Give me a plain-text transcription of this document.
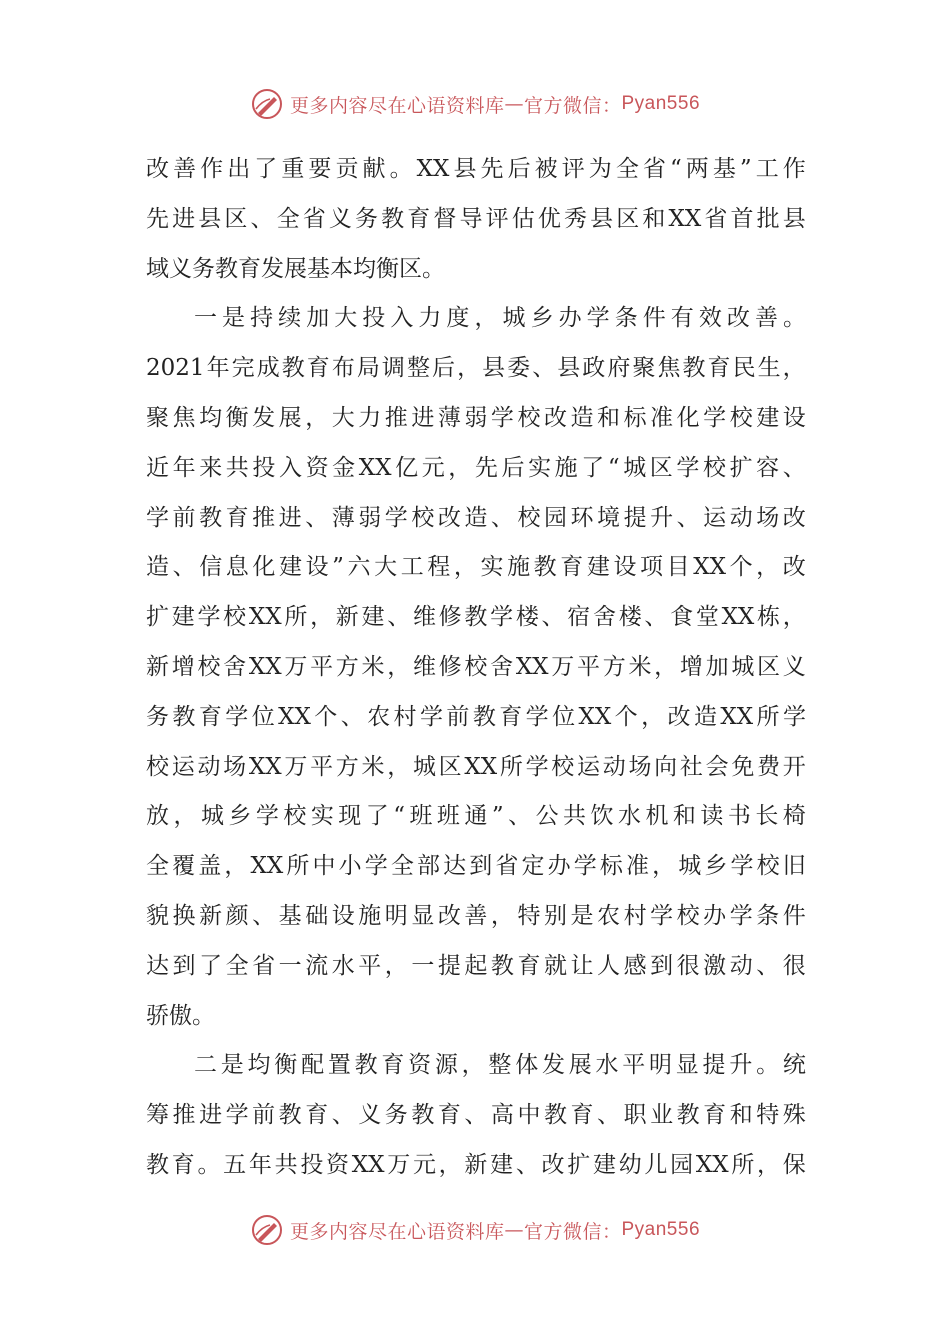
更多内容尽在心语资料库 — 官方微信： Pyan556
改 善 作 出 了 重 要 贡 献 。 XX 县 先 后 被 评 为 全 省 “ 两 基 ” 工 作
先 进 县 区 、 全 省 义 务 教 育 督 导 评 估 优 秀 县 区 和 XX 省 首 批 县
域义务教育发展基本均衡区。
一 是 持 续 加 大 投 入 力 度 ， 城 乡 办 学 条 件 有 效 改 善 。
2021 年 完 成 教 育 布 局 调 整 后 ， 县 委 、 县 政 府 聚 焦 教 育 民 生 ，
聚 焦 均 衡 发 展 ， 大 力 推 进 薄 弱 学 校 改 造 和 标 准 化 学 校 建 设
近 年 来 共 投 入 资 金 XX 亿 元 ， 先 后 实 施 了 “ 城 区 学 校 扩 容 、
学 前 教 育 推 进 、 薄 弱 学 校 改 造 、 校 园 环 境 提 升 、 运 动 场 改
造 、 信 息 化 建 设 ” 六 大 工 程 ， 实 施 教 育 建 设 项 目 XX 个 ， 改
扩 建 学 校 XX 所 ， 新 建 、 维 修 教 学 楼 、 宿 舍 楼 、 食 堂 XX 栋 ，
新 增 校 舍 XX 万 平 方 米 ， 维 修 校 舍 XX 万 平 方 米 ， 增 加 城 区 义
务 教 育 学 位 XX 个 、 农 村 学 前 教 育 学 位 XX 个 ， 改 造 XX 所 学
校 运 动 场 XX 万 平 方 米 ， 城 区 XX 所 学 校 运 动 场 向 社 会 免 费 开
放 ， 城 乡 学 校 实 现 了 “ 班 班 通 ” 、 公 共 饮 水 机 和 读 书 长 椅
全 覆 盖 ， XX 所 中 小 学 全 部 达 到 省 定 办 学 标 准 ， 城 乡 学 校 旧
貌 换 新 颜 、 基 础 设 施 明 显 改 善 ， 特 别 是 农 村 学 校 办 学 条 件
达 到 了 全 省 一 流 水 平 ， 一 提 起 教 育 就 让 人 感 到 很 激 动 、 很
骄傲。
二 是 均 衡 配 置 教 育 资 源 ， 整 体 发 展 水 平 明 显 提 升 。 统
筹 推 进 学 前 教 育 、 义 务 教 育 、 高 中 教 育 、 职 业 教 育 和 特 殊
教 育 。 五 年 共 投 资 XX 万 元 ， 新 建 、 改 扩 建 幼 儿 园 XX 所 ， 保
更多内容尽在心语资料库 — 官方微信： Pyan556
